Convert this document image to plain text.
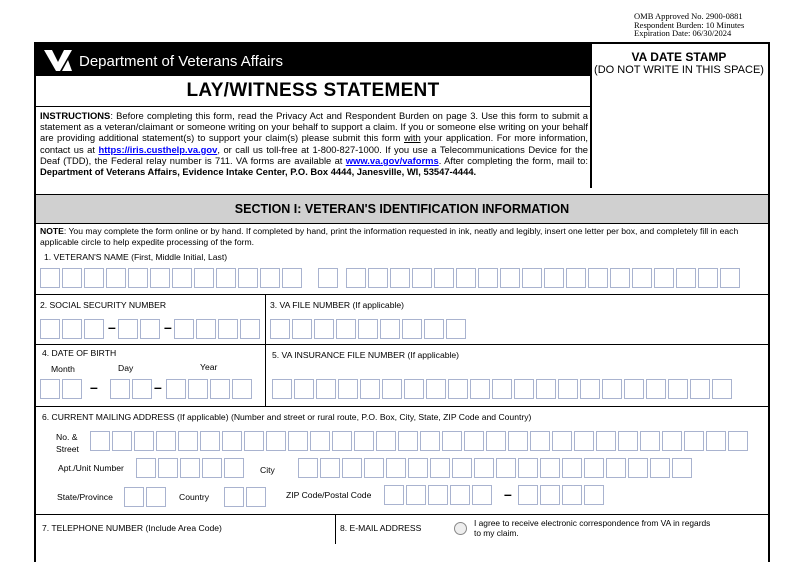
OMB Approved No. 2900-0881
Respondent Burden: 10 Minutes
Expiration Date: 06/30/2024
Department of Veterans Affairs	VA DATE STAMP
(DO NOT WRITE IN THIS SPACE)
LAY/WITNESS STATEMENT
INSTRUCTIONS: Before completing this form, read the Privacy Act and Respondent Burden on page 3. Use this form to submit a statement as a veteran/claimant or someone writing on your behalf to support a claim. If you or someone else writing on your behalf are providing additional statement(s) to support your claim(s) please submit this form with your application. For more information, contact us at https://iris.custhelp.va.gov, or call us toll-free at 1-800-827-1000. If you use a Telecommunications Device for the Deaf (TDD), the Federal relay number is 711. VA forms are available at www.va.gov/vaforms. After completing the form, mail to: Department of Veterans Affairs, Evidence Intake Center, P.O. Box 4444, Janesville, WI, 53547-4444.
SECTION I: VETERAN'S IDENTIFICATION INFORMATION
NOTE: You may complete the form online or by hand. If completed by hand, print the information requested in ink, neatly and legibly, insert one letter per box, and completely fill in each applicable circle to help expedite processing of the form.
1. VETERAN'S NAME (First, Middle Initial, Last)
2. SOCIAL SECURITY NUMBER
–	–
3. VA FILE NUMBER (If applicable)
4. DATE OF BIRTH
Month	Day	Year
–	–
5. VA INSURANCE FILE NUMBER (If applicable)
6. CURRENT MAILING ADDRESS (If applicable) (Number and street or rural route, P.O. Box, City, State, ZIP Code and Country)
No. &
Street
Apt./Unit Number	City
State/Province	Country	ZIP Code/Postal Code	–
7. TELEPHONE NUMBER (Include Area Code)	8. E-MAIL ADDRESS	I agree to receive electronic correspondence from VA in regards
to my claim.
